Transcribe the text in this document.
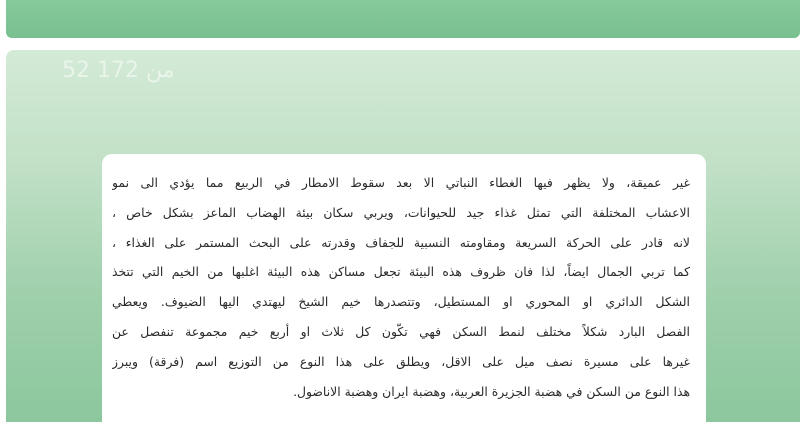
52 من 172
غير عميقة، ولا يظهر فيها الغطاء النباتي الا بعد سقوط الامطار في الربيع مما يؤدي الى نمو
الاعشاب المختلفة التي تمثل غذاء جيد للحيوانات، ويربي سكان بيئة الهضاب الماعز بشكل خاص ،
لانه قادر على الحركة السريعة ومقاومته النسبية للجفاف وقدرته على البحث المستمر على الغذاء ،
كما تربي الجمال ايضاً، لذا فان ظروف هذه البيئة تجعل مساكن هذه البيئة اغلبها من الخيم التي تتخذ
الشكل الدائري او المحوري او المستطيل، وتتصدرها خيم الشيخ ليهتدي اليها الضيوف. ويعطي
الفصل البارد شكلاً مختلف لنمط السكن فهي تكّون كل ثلاث او أربع خيم مجموعة تنفصل عن
غيرها على مسيرة نصف ميل على الاقل، ويطلق على هذا النوع من التوزيع اسم (فرقة) ويبرز
هذا النوع من السكن في هضبة الجزيرة العربية، وهضبة ايران وهضبة الاناضول.
